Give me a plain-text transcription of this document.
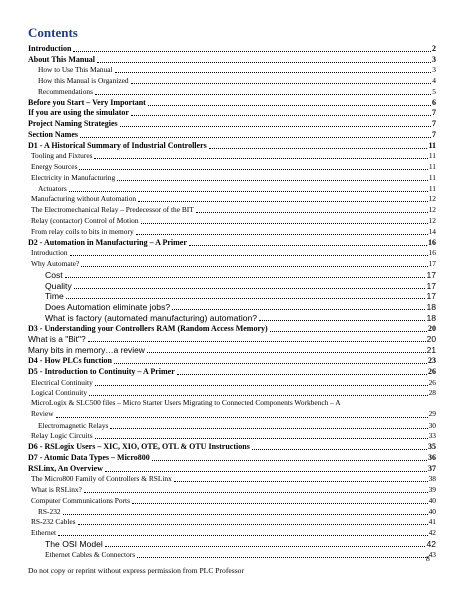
Contents
Introduction	2
About This Manual	3
How to Use This Manual	3
How this Manual is Organized	4
Recommendations	5
Before you Start – Very Important	6
If you are using the simulator	7
Project Naming Strategies	7
Section Names	7
D1 - A Historical Summary of Industrial Controllers	11
Tooling and Fixtures	11
Energy Sources	11
Electricity in Manufacturing	11
Actuators	11
Manufacturing without Automation	12
The Electromechanical Relay – Predecessor of the BIT	12
Relay (contactor) Control of Motion	12
From relay coils to bits in memory	14
D2 - Automation in Manufacturing – A Primer	16
Introduction	16
Why Automate?	17
Cost	17
Quality	17
Time	17
Does Automation eliminate jobs?	18
What is factory (automated manufacturing) automation?	18
D3 - Understanding your Controllers RAM (Random Access Memory)	20
What is a "Bit"?	20
Many bits in memory…a review	21
D4 - How PLCs function	23
D5 - Introduction to Continuity – A Primer	26
Electrical Continuity	26
Logical Continuity	28
MicroLogix & SLC500 files – Micro Starter Users Migrating to Connected Components Workbench – A
Review	29
Electromagnetic Relays	30
Relay Logic Circuits	33
D6 - RSLogix Users – XIC, XIO, OTE, OTL & OTU Instructions	35
D7 - Atomic Data Types – Micro800	36
RSLinx, An Overview	37
The Micro800 Family of Controllers & RSLinx	38
What is RSLinx?	39
Computer Communications Ports	40
RS-232	40
RS-232 Cables	41
Ethernet	42
The OSI Model	42
Ethernet Cables & Connectors	43
8
Do not copy or reprint without express permission from PLC Professor
